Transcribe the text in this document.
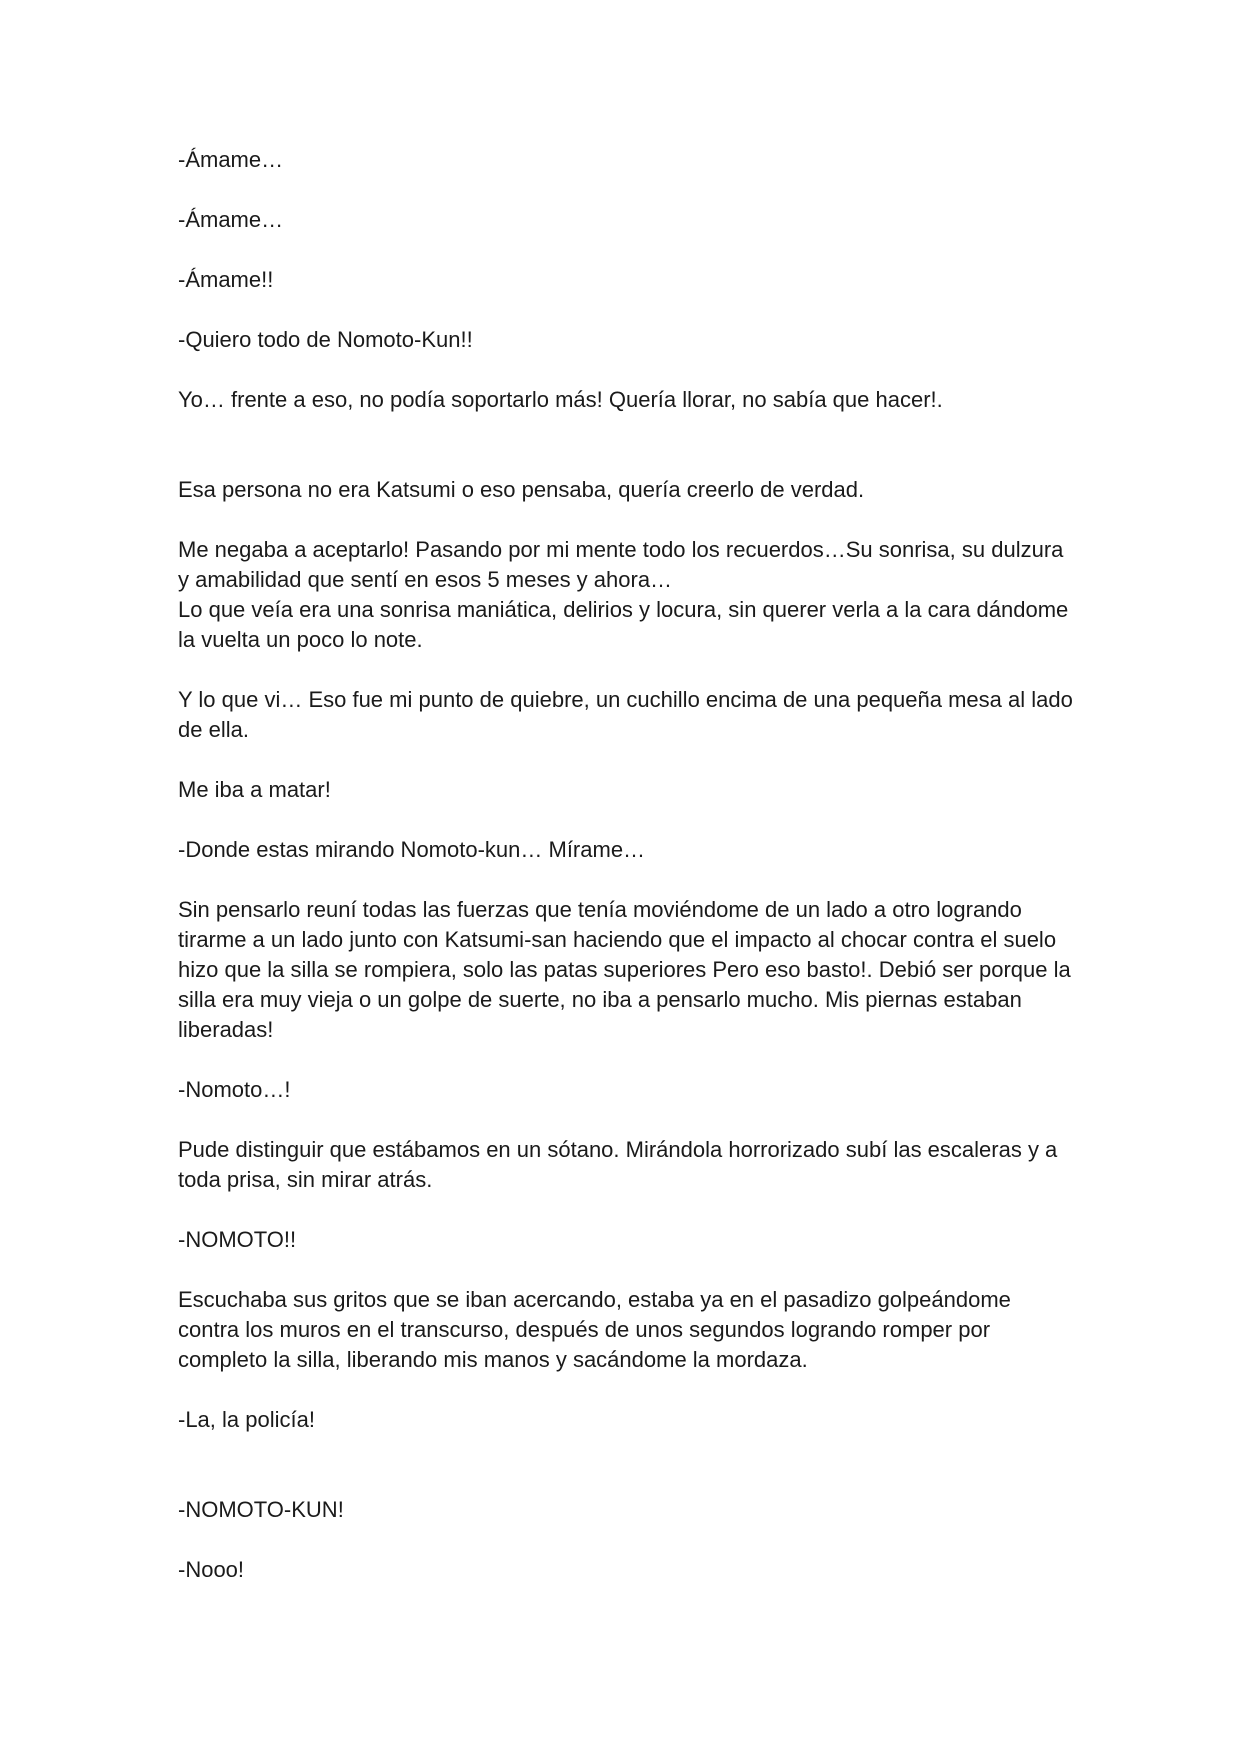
-Ámame…

-Ámame…

-Ámame!!

-Quiero todo de Nomoto-Kun!!

Yo… frente a eso, no podía soportarlo más! Quería llorar, no sabía que hacer!.

Esa persona no era Katsumi o eso pensaba, quería creerlo de verdad.

Me negaba a aceptarlo! Pasando por mi mente todo los recuerdos…Su sonrisa, su dulzura y amabilidad que sentí en esos 5 meses y ahora…

Lo que veía era una sonrisa maniática, delirios y locura, sin querer verla a la cara dándome la vuelta un poco lo note.

Y lo que vi… Eso fue mi punto de quiebre, un cuchillo encima de una pequeña mesa al lado de ella.

Me iba a matar!

-Donde estas mirando Nomoto-kun… Mírame…

Sin pensarlo reuní todas las fuerzas que tenía moviéndome de un lado a otro logrando tirarme a un lado junto con Katsumi-san haciendo que el impacto al chocar contra el suelo hizo que la silla se rompiera, solo las patas superiores Pero eso basto!. Debió ser porque la silla era muy vieja o un golpe de suerte, no iba a pensarlo mucho. Mis piernas estaban liberadas!

-Nomoto…!

Pude distinguir que estábamos en un sótano. Mirándola horrorizado subí las escaleras y a toda prisa, sin mirar atrás.

-NOMOTO!!

Escuchaba sus gritos que se iban acercando, estaba ya en el pasadizo golpeándome contra los muros en el transcurso, después de unos segundos logrando romper por completo la silla, liberando mis manos y sacándome la mordaza.

-La, la policía!

-NOMOTO-KUN!

-Nooo!
